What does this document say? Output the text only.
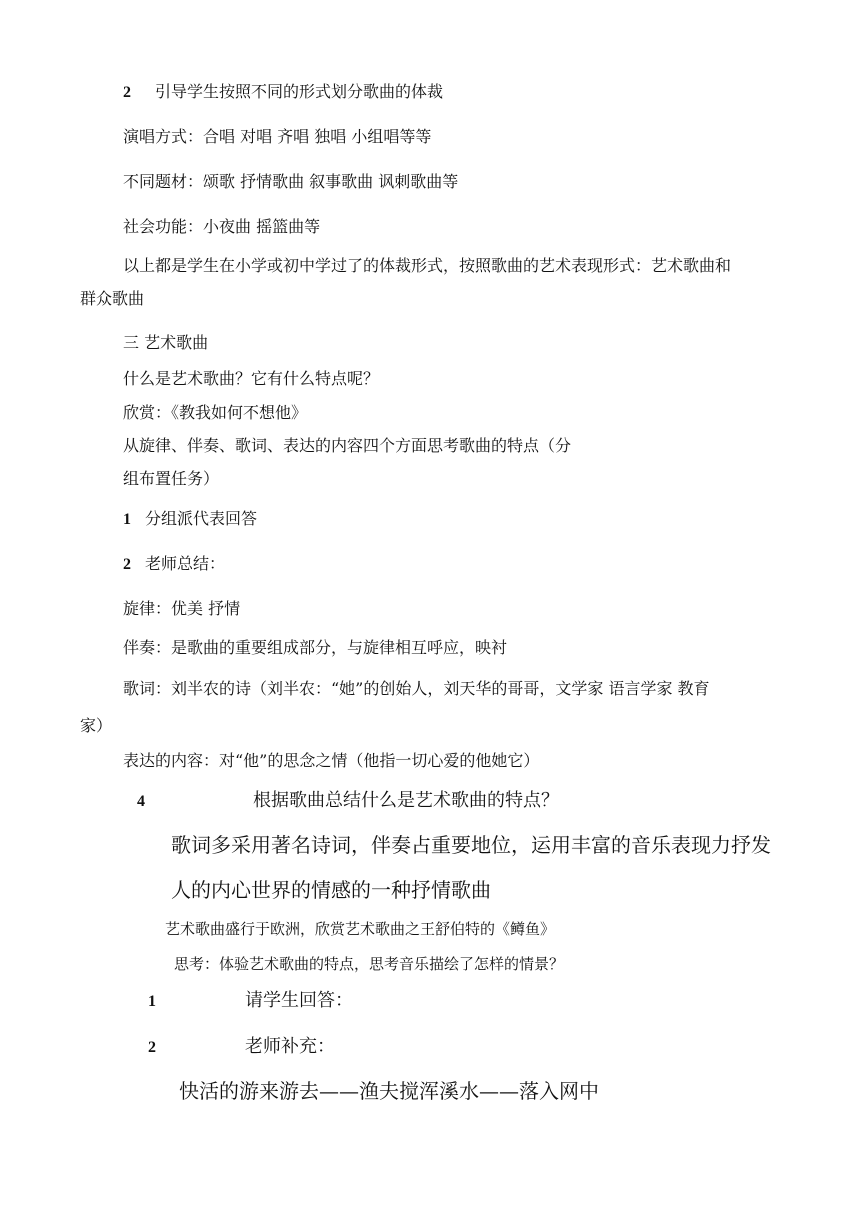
2 引导学生按照不同的形式划分歌曲的体裁
演唱方式：合唱 对唱 齐唱 独唱 小组唱等等
不同题材：颂歌 抒情歌曲 叙事歌曲 讽刺歌曲等
社会功能：小夜曲 摇篮曲等
以上都是学生在小学或初中学过了的体裁形式，按照歌曲的艺术表现形式：艺术歌曲和
群众歌曲
三 艺术歌曲
什么是艺术歌曲？它有什么特点呢？
欣赏：《教我如何不想他》
从旋律、伴奏、歌词、表达的内容四个方面思考歌曲的特点（分
组布置任务）
1 分组派代表回答
2 老师总结：
旋律：优美 抒情
伴奏：是歌曲的重要组成部分，与旋律相互呼应，映衬
歌词：刘半农的诗（刘半农：“她”的创始人，刘天华的哥哥，文学家 语言学家 教育
家）
表达的内容：对“他”的思念之情（他指一切心爱的他她它）
4	根据歌曲总结什么是艺术歌曲的特点？
歌词多采用著名诗词，伴奏占重要地位，运用丰富的音乐表现力抒发
人的内心世界的情感的一种抒情歌曲
艺术歌曲盛行于欧洲，欣赏艺术歌曲之王舒伯特的《鳟鱼》
思考：体验艺术歌曲的特点，思考音乐描绘了怎样的情景？
1	请学生回答：
2	老师补充：
快活的游来游去——渔夫搅浑溪水——落入网中
